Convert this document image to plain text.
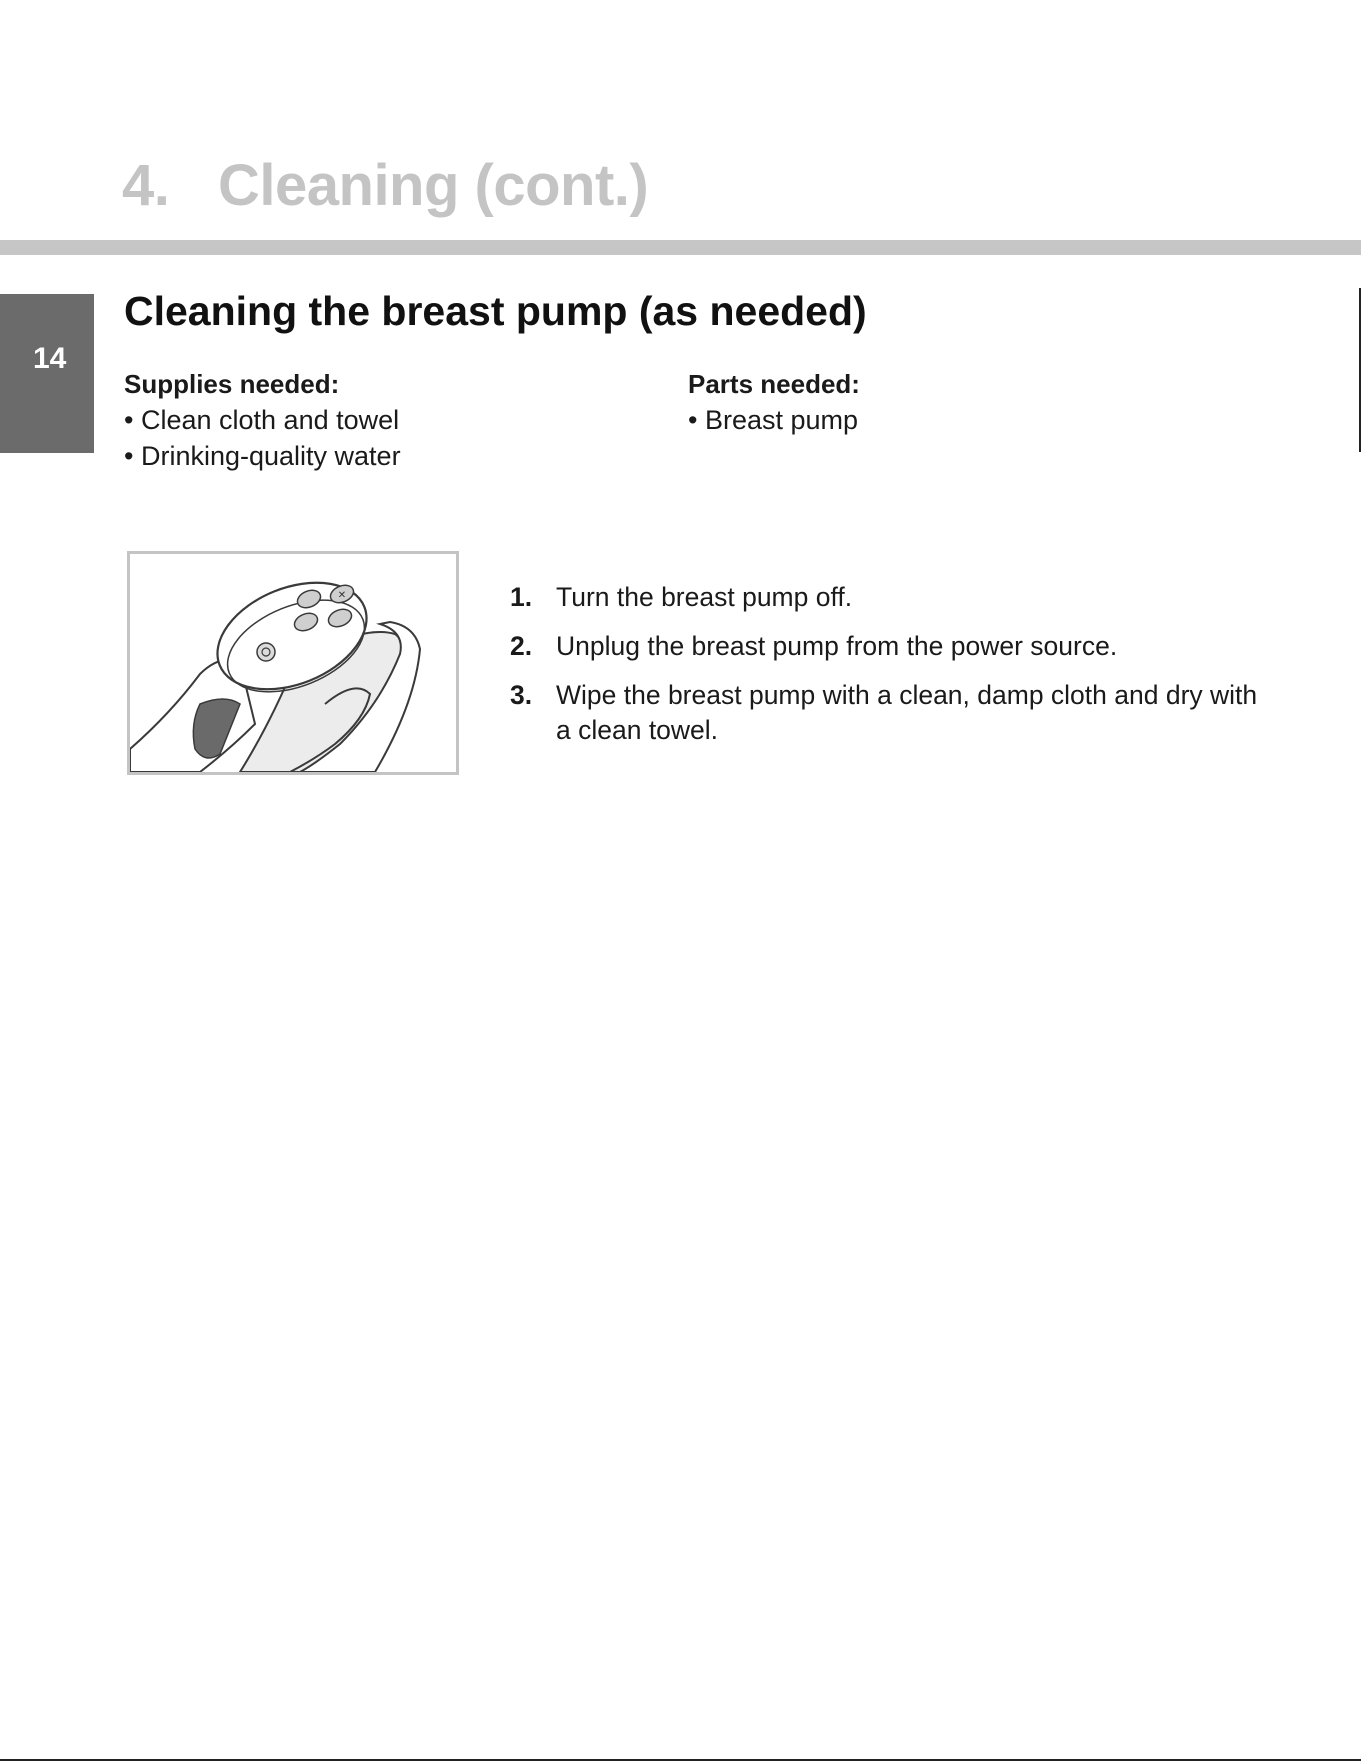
4. Cleaning (cont.)
14
Cleaning the breast pump (as needed)
Supplies needed:
• Clean cloth and towel
• Drinking-quality water
Parts needed:
• Breast pump
✕	1. Turn the breast pump off.
2. Unplug the breast pump from the power source.
3. Wipe the breast pump with a clean, damp cloth and dry with a clean towel.
